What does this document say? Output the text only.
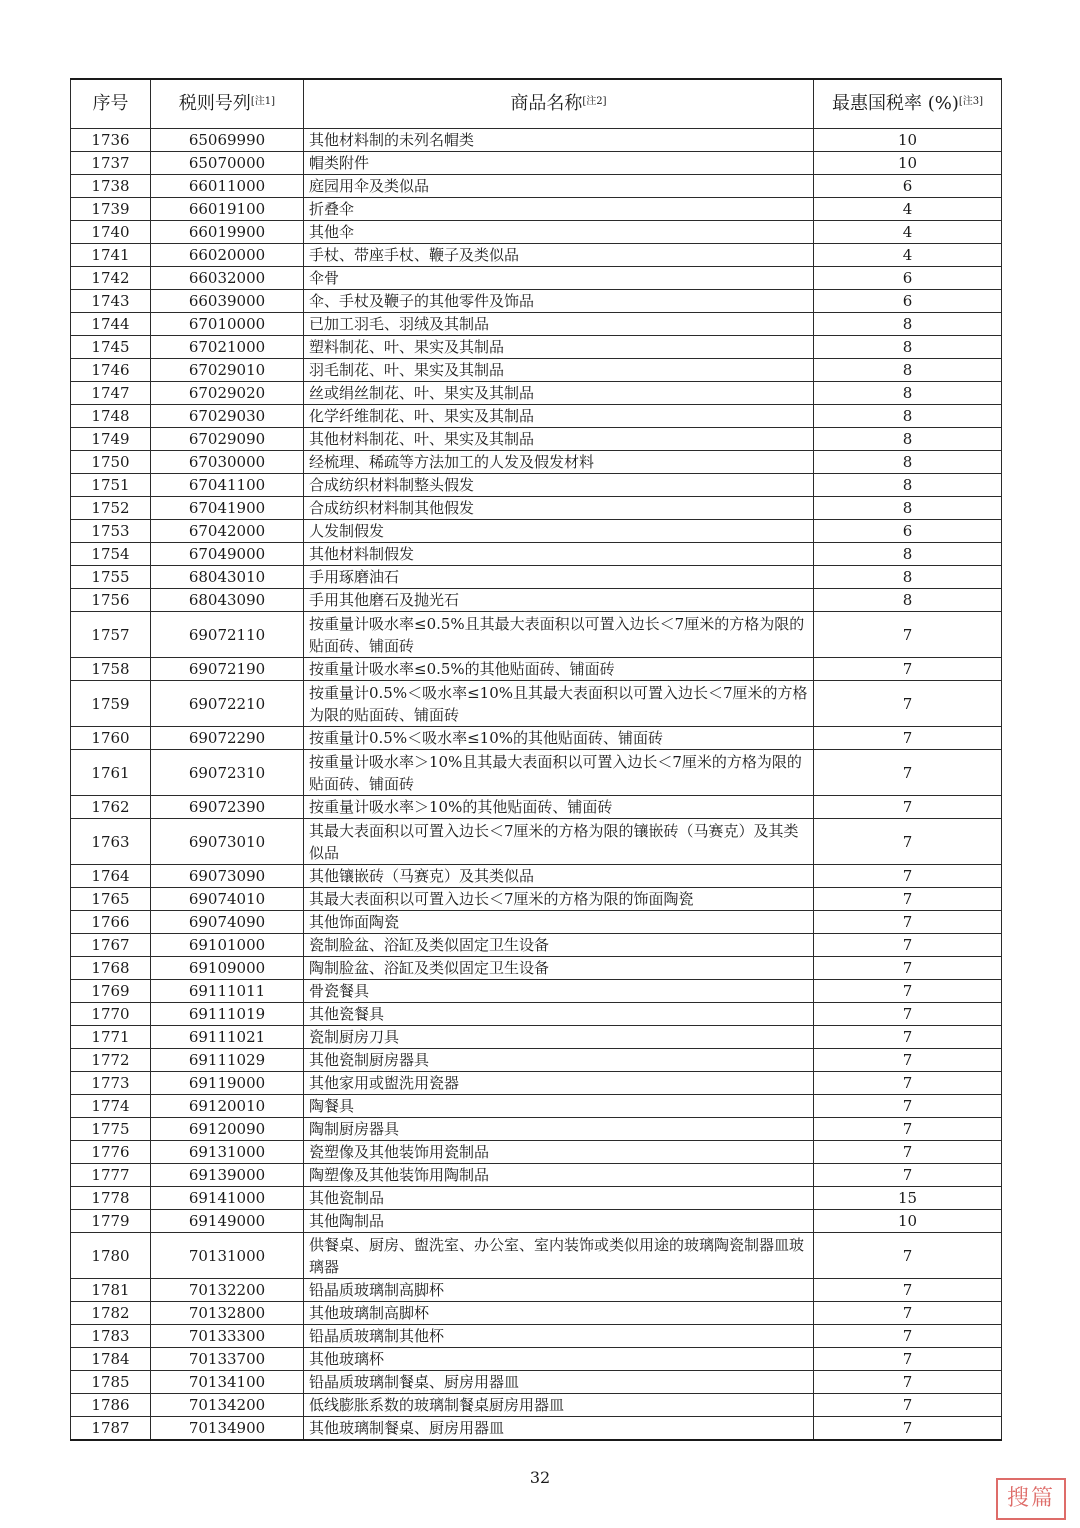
序号	税则号列[注1]	商品名称[注2]	最惠国税率 (%)[注3]
1736	65069990	其他材料制的未列名帽类	10
1737	65070000	帽类附件	10
1738	66011000	庭园用伞及类似品	6
1739	66019100	折叠伞	4
1740	66019900	其他伞	4
1741	66020000	手杖、带座手杖、鞭子及类似品	4
1742	66032000	伞骨	6
1743	66039000	伞、手杖及鞭子的其他零件及饰品	6
1744	67010000	已加工羽毛、羽绒及其制品	8
1745	67021000	塑料制花、叶、果实及其制品	8
1746	67029010	羽毛制花、叶、果实及其制品	8
1747	67029020	丝或绢丝制花、叶、果实及其制品	8
1748	67029030	化学纤维制花、叶、果实及其制品	8
1749	67029090	其他材料制花、叶、果实及其制品	8
1750	67030000	经梳理、稀疏等方法加工的人发及假发材料	8
1751	67041100	合成纺织材料制整头假发	8
1752	67041900	合成纺织材料制其他假发	8
1753	67042000	人发制假发	6
1754	67049000	其他材料制假发	8
1755	68043010	手用琢磨油石	8
1756	68043090	手用其他磨石及抛光石	8
1757	69072110	按重量计吸水率≤0.5%且其最大表面积以可置入边长＜7厘米的方格为限的贴面砖、铺面砖	7
1758	69072190	按重量计吸水率≤0.5%的其他贴面砖、铺面砖	7
1759	69072210	按重量计0.5%＜吸水率≤10%且其最大表面积以可置入边长＜7厘米的方格为限的贴面砖、铺面砖	7
1760	69072290	按重量计0.5%＜吸水率≤10%的其他贴面砖、铺面砖	7
1761	69072310	按重量计吸水率＞10%且其最大表面积以可置入边长＜7厘米的方格为限的贴面砖、铺面砖	7
1762	69072390	按重量计吸水率＞10%的其他贴面砖、铺面砖	7
1763	69073010	其最大表面积以可置入边长＜7厘米的方格为限的镶嵌砖（马赛克）及其类似品	7
1764	69073090	其他镶嵌砖（马赛克）及其类似品	7
1765	69074010	其最大表面积以可置入边长＜7厘米的方格为限的饰面陶瓷	7
1766	69074090	其他饰面陶瓷	7
1767	69101000	瓷制脸盆、浴缸及类似固定卫生设备	7
1768	69109000	陶制脸盆、浴缸及类似固定卫生设备	7
1769	69111011	骨瓷餐具	7
1770	69111019	其他瓷餐具	7
1771	69111021	瓷制厨房刀具	7
1772	69111029	其他瓷制厨房器具	7
1773	69119000	其他家用或盥洗用瓷器	7
1774	69120010	陶餐具	7
1775	69120090	陶制厨房器具	7
1776	69131000	瓷塑像及其他装饰用瓷制品	7
1777	69139000	陶塑像及其他装饰用陶制品	7
1778	69141000	其他瓷制品	15
1779	69149000	其他陶制品	10
1780	70131000	供餐桌、厨房、盥洗室、办公室、室内装饰或类似用途的玻璃陶瓷制器皿玻璃器	7
1781	70132200	铅晶质玻璃制高脚杯	7
1782	70132800	其他玻璃制高脚杯	7
1783	70133300	铅晶质玻璃制其他杯	7
1784	70133700	其他玻璃杯	7
1785	70134100	铅晶质玻璃制餐桌、厨房用器皿	7
1786	70134200	低线膨胀系数的玻璃制餐桌厨房用器皿	7
1787	70134900	其他玻璃制餐桌、厨房用器皿	7
32
搜篇
